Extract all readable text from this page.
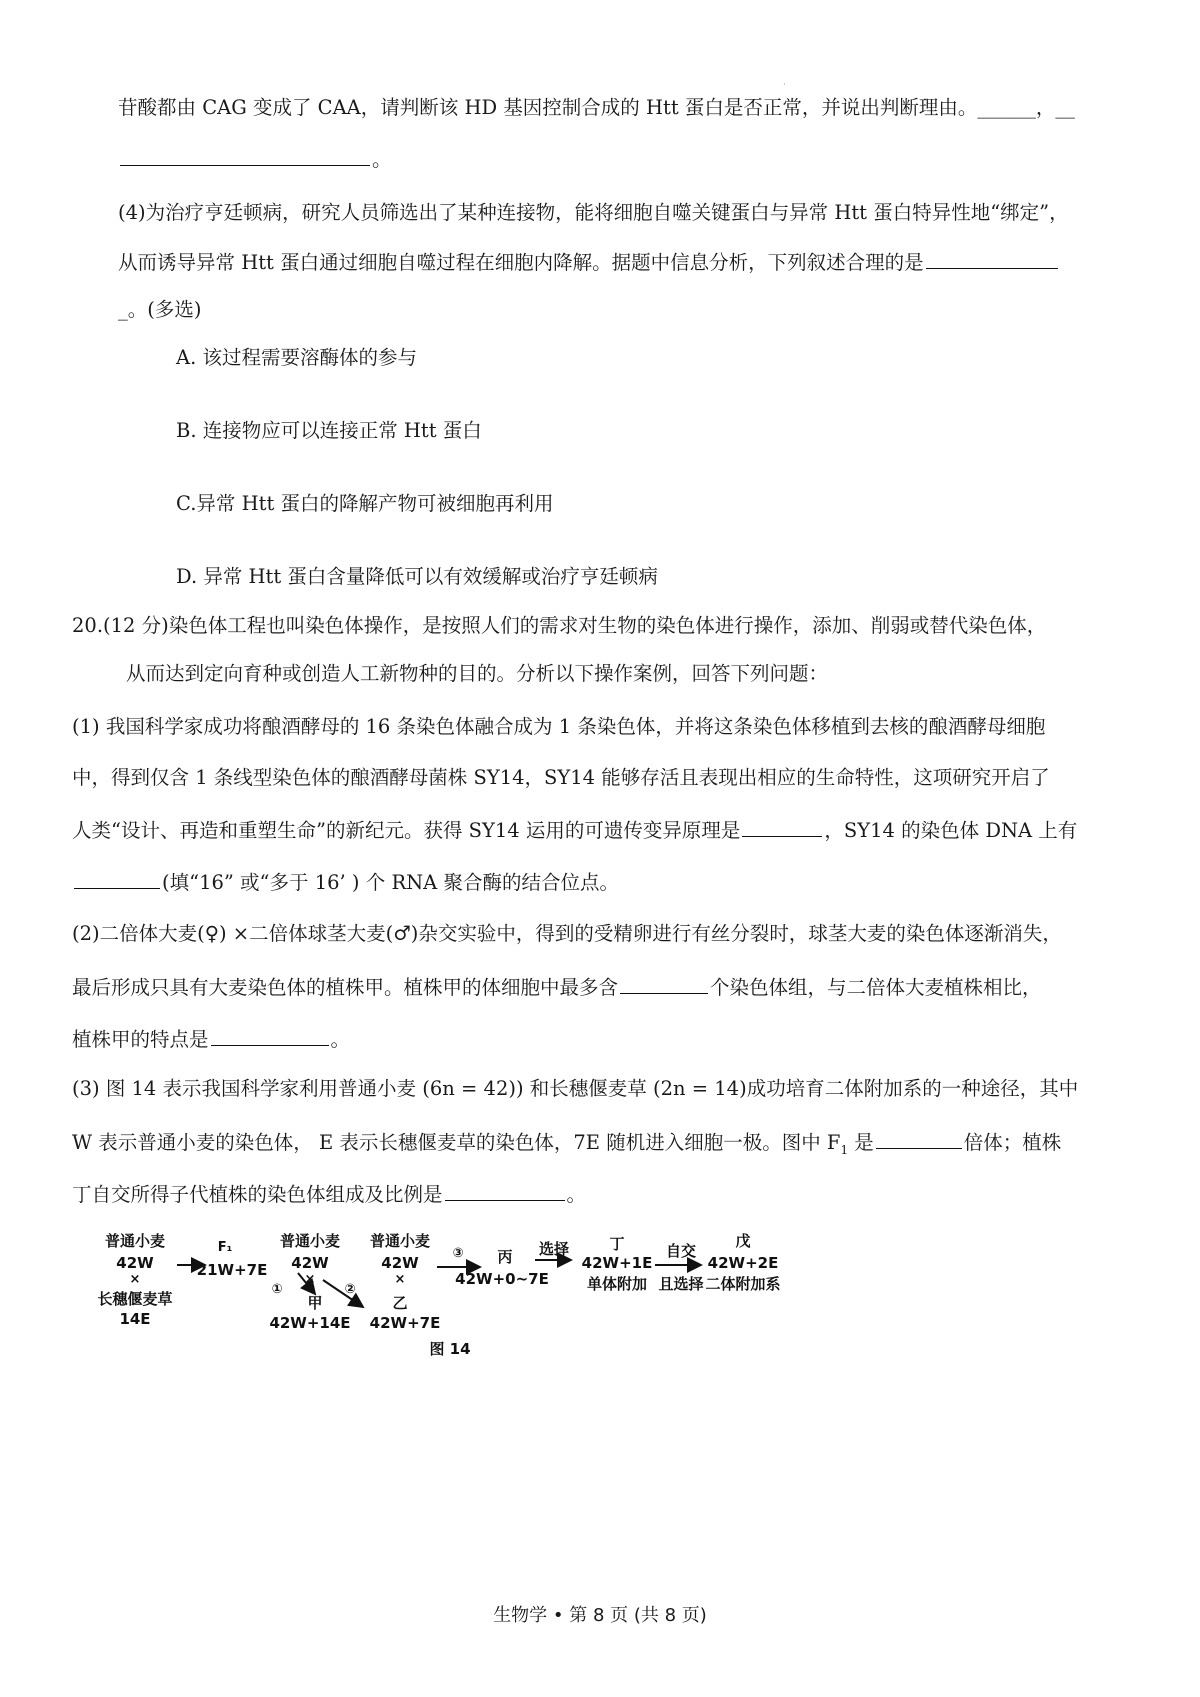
苷酸都由 CAG 变成了 CAA，请判断该 HD 基因控制合成的 Htt 蛋白是否正常，并说出判断理由。______，__
·
。
(4)为治疗亨廷顿病，研究人员筛选出了某种连接物，能将细胞自噬关键蛋白与异常 Htt 蛋白特异性地“绑定”，
从而诱导异常 Htt 蛋白通过细胞自噬过程在细胞内降解。据题中信息分析，下列叙述合理的是
_。(多选)
A. 该过程需要溶酶体的参与
B. 连接物应可以连接正常 Htt 蛋白
C.异常 Htt 蛋白的降解产物可被细胞再利用
D. 异常 Htt 蛋白含量降低可以有效缓解或治疗亨廷顿病
20.(12 分)染色体工程也叫染色体操作，是按照人们的需求对生物的染色体进行操作，添加、削弱或替代染色体，
从而达到定向育种或创造人工新物种的目的。分析以下操作案例，回答下列问题：
(1) 我国科学家成功将酿酒酵母的 16 条染色体融合成为 1 条染色体，并将这条染色体移植到去核的酿酒酵母细胞
中，得到仅含 1 条线型染色体的酿酒酵母菌株 SY14，SY14 能够存活且表现出相应的生命特性，这项研究开启了
人类“设计、再造和重塑生命”的新纪元。获得 SY14 运用的可遗传变异原理是	，SY14 的染色体 DNA 上有
(填“16” 或“多于 16’ ) 个 RNA 聚合酶的结合位点。
(2)二倍体大麦(♀) ×二倍体球茎大麦(♂)杂交实验中，得到的受精卵进行有丝分裂时，球茎大麦的染色体逐渐消失，
最后形成只具有大麦染色体的植株甲。植株甲的体细胞中最多含	个染色体组，与二倍体大麦植株相比，
植株甲的特点是	。
(3) 图 14 表示我国科学家利用普通小麦 (6n = 42)) 和长穗偃麦草 (2n = 14)成功培育二体附加系的一种途径，其中
W 表示普通小麦的染色体， E 表示长穗偃麦草的染色体，7E 随机进入细胞一极。图中 $F_1$ 是	倍体；植株
丁自交所得子代植株的染色体组成及比例是	。
普通小麦
42W
×
长穗偃麦草
14E
F₁
21W+7E
普通小麦
42W
×
①	②
甲
42W+14E
普通小麦
42W
×
乙
42W+7E
③	丙
42W+0~7E
选择	丁
42W+1E
单体附加
自交
且选择
戊
42W+2E
二体附加系
图 14
生物学 • 第 8 页 (共 8 页)
